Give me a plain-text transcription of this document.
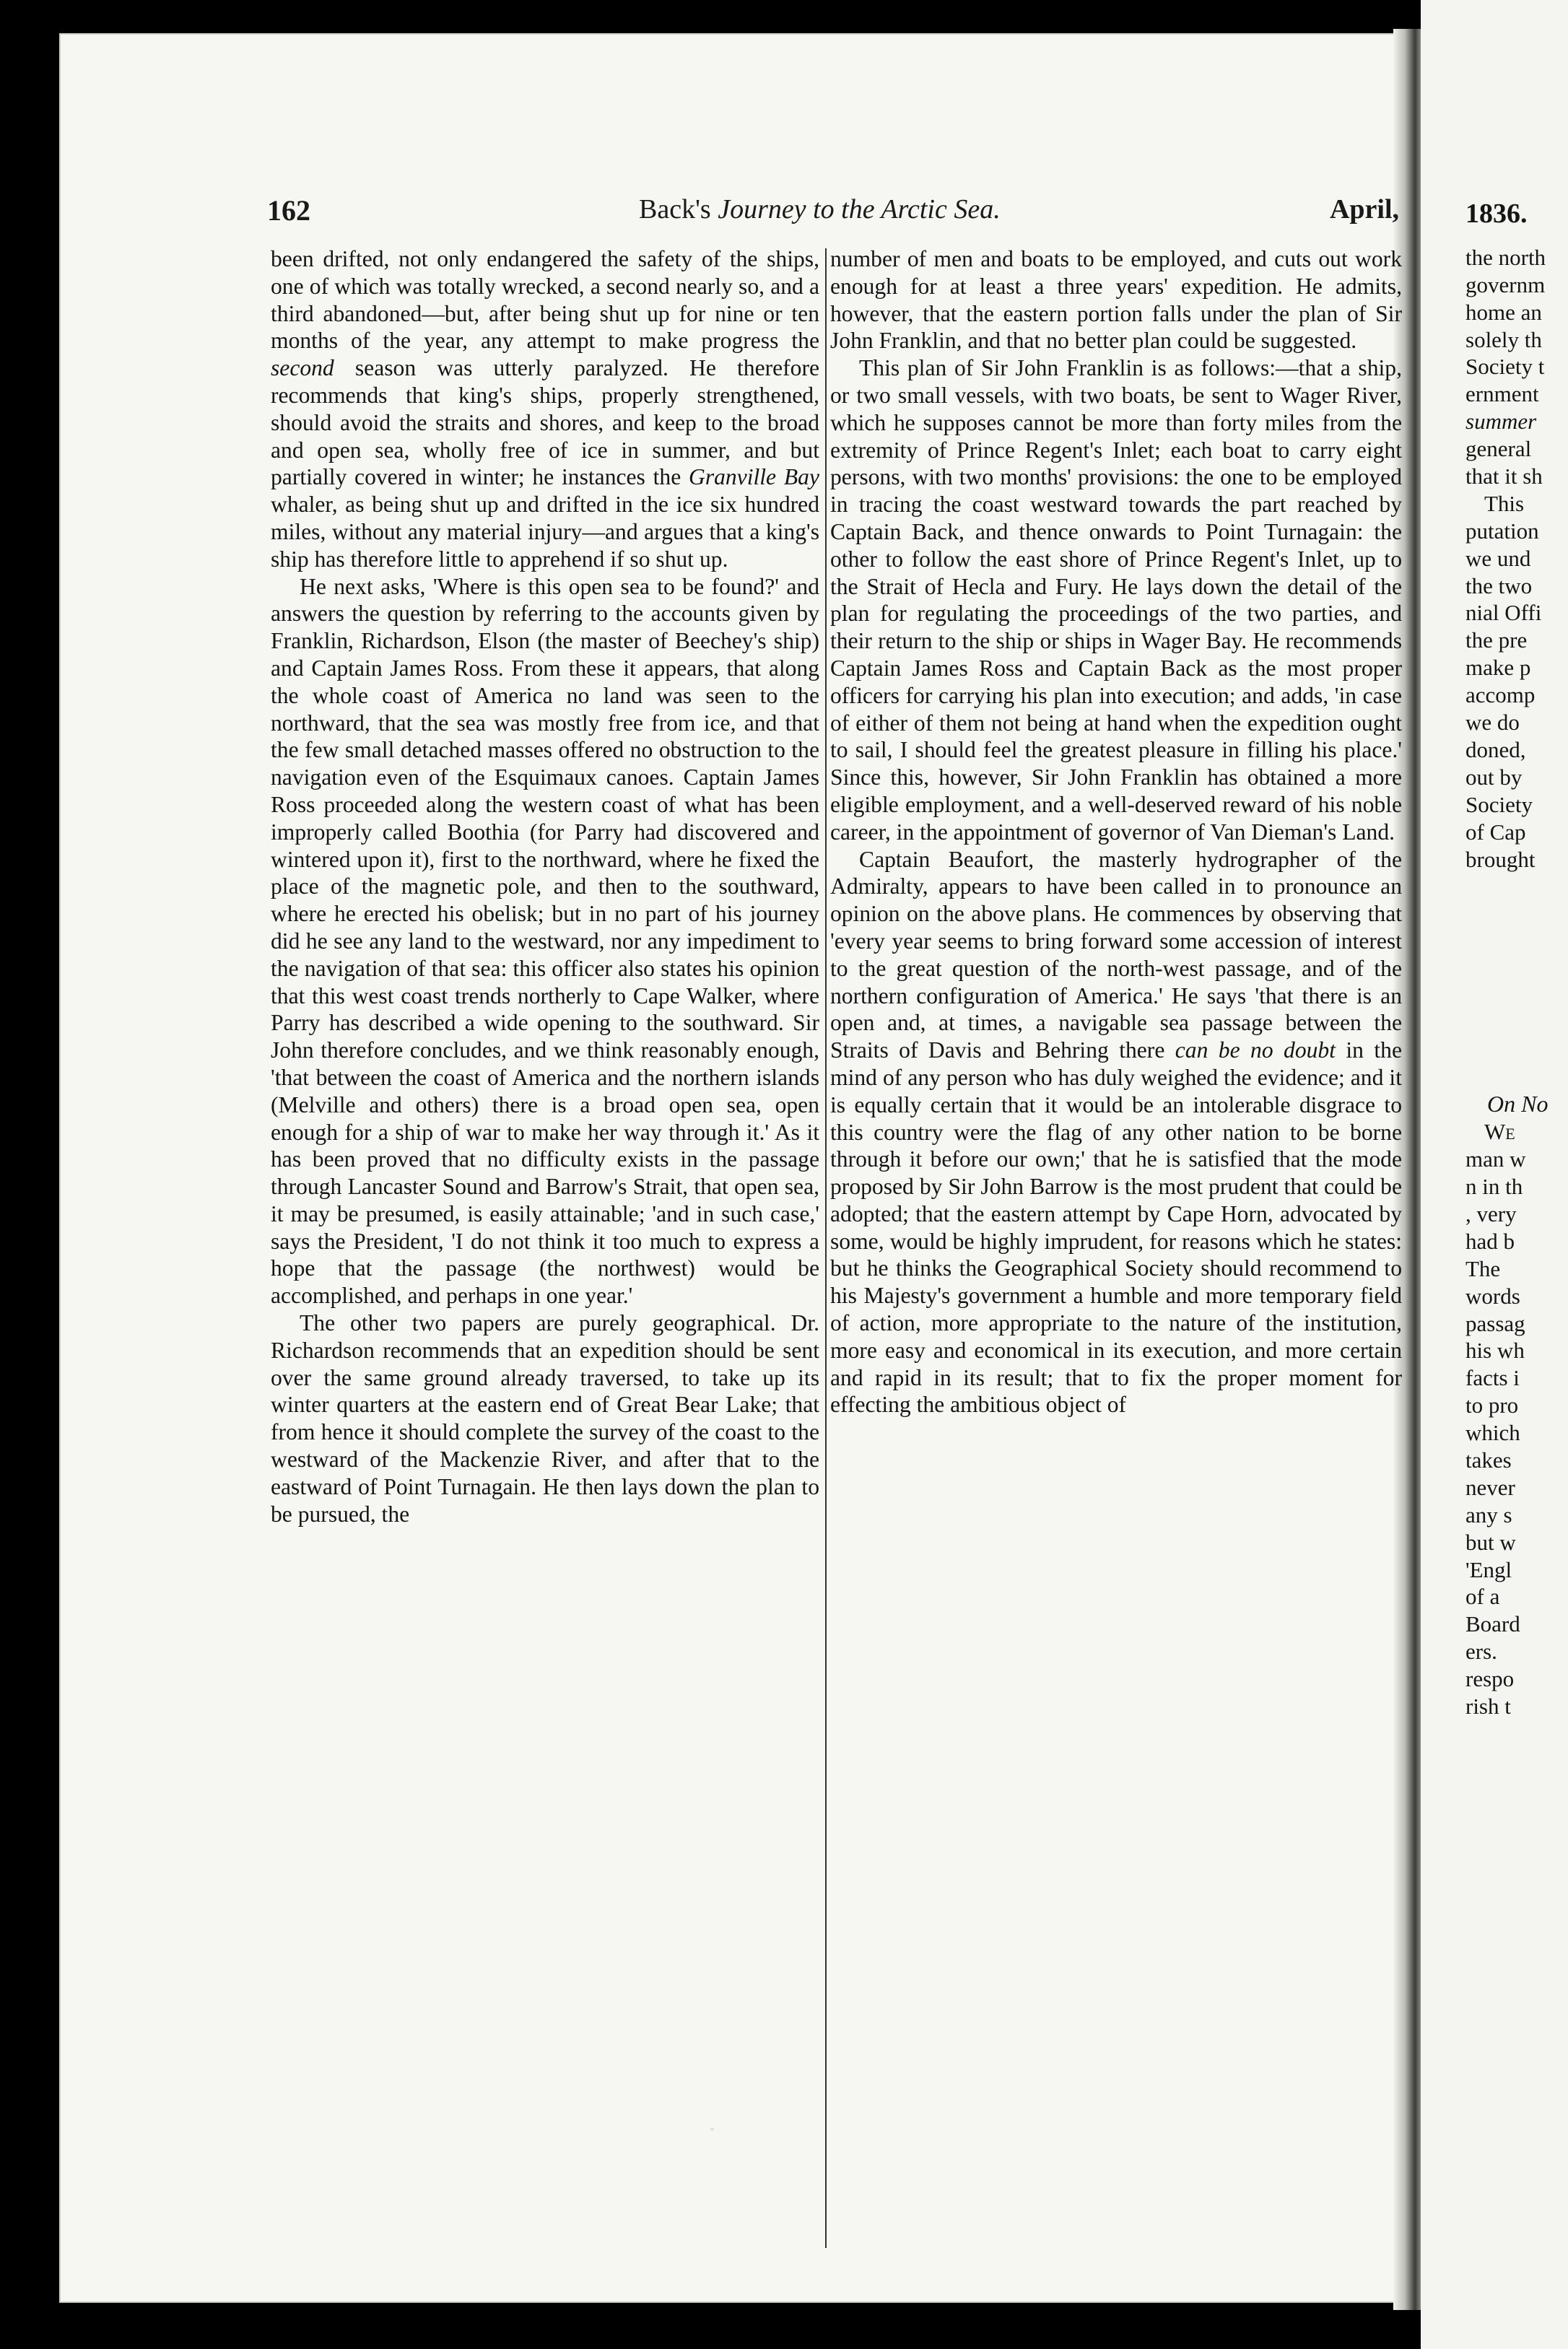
162	Back's Journey to the Arctic Sea.	April,

been drifted, not only endangered the safety of the ships, one of which was totally wrecked, a second nearly so, and a third abandoned—but, after being shut up for nine or ten months of the year, any attempt to make progress the second season was utterly paralyzed. He therefore recommends that king's ships, properly strengthened, should avoid the straits and shores, and keep to the broad and open sea, wholly free of ice in summer, and but partially covered in winter; he instances the Granville Bay whaler, as being shut up and drifted in the ice six hundred miles, without any material injury—and argues that a king's ship has therefore little to apprehend if so shut up.

He next asks, 'Where is this open sea to be found?' and answers the question by referring to the accounts given by Franklin, Richardson, Elson (the master of Beechey's ship) and Captain James Ross. From these it appears, that along the whole coast of America no land was seen to the northward, that the sea was mostly free from ice, and that the few small detached masses offered no obstruction to the navigation even of the Esquimaux canoes. Captain James Ross proceeded along the western coast of what has been improperly called Boothia (for Parry had discovered and wintered upon it), first to the northward, where he fixed the place of the magnetic pole, and then to the southward, where he erected his obelisk; but in no part of his journey did he see any land to the westward, nor any impediment to the navigation of that sea: this officer also states his opinion that this west coast trends northerly to Cape Walker, where Parry has described a wide opening to the southward. Sir John therefore concludes, and we think reasonably enough, 'that between the coast of America and the northern islands (Melville and others) there is a broad open sea, open enough for a ship of war to make her way through it.' As it has been proved that no difficulty exists in the passage through Lancaster Sound and Barrow's Strait, that open sea, it may be presumed, is easily attainable; 'and in such case,' says the President, 'I do not think it too much to express a hope that the passage (the northwest) would be accomplished, and perhaps in one year.'

The other two papers are purely geographical. Dr. Richardson recommends that an expedition should be sent over the same ground already traversed, to take up its winter quarters at the eastern end of Great Bear Lake; that from hence it should complete the survey of the coast to the westward of the Mackenzie River, and after that to the eastward of Point Turnagain. He then lays down the plan to be pursued, the

number of men and boats to be employed, and cuts out work enough for at least a three years' expedition. He admits, however, that the eastern portion falls under the plan of Sir John Franklin, and that no better plan could be suggested.

This plan of Sir John Franklin is as follows:—that a ship, or two small vessels, with two boats, be sent to Wager River, which he supposes cannot be more than forty miles from the extremity of Prince Regent's Inlet; each boat to carry eight persons, with two months' provisions: the one to be employed in tracing the coast westward towards the part reached by Captain Back, and thence onwards to Point Turnagain: the other to follow the east shore of Prince Regent's Inlet, up to the Strait of Hecla and Fury. He lays down the detail of the plan for regulating the proceedings of the two parties, and their return to the ship or ships in Wager Bay. He recommends Captain James Ross and Captain Back as the most proper officers for carrying his plan into execution; and adds, 'in case of either of them not being at hand when the expedition ought to sail, I should feel the greatest pleasure in filling his place.' Since this, however, Sir John Franklin has obtained a more eligible employment, and a well-deserved reward of his noble career, in the appointment of governor of Van Dieman's Land.

Captain Beaufort, the masterly hydrographer of the Admiralty, appears to have been called in to pronounce an opinion on the above plans. He commences by observing that 'every year seems to bring forward some accession of interest to the great question of the north-west passage, and of the northern configuration of America.' He says 'that there is an open and, at times, a navigable sea passage between the Straits of Davis and Behring there can be no doubt in the mind of any person who has duly weighed the evidence; and it is equally certain that it would be an intolerable disgrace to this country were the flag of any other nation to be borne through it before our own;' that he is satisfied that the mode proposed by Sir John Barrow is the most prudent that could be adopted; that the eastern attempt by Cape Horn, advocated by some, would be highly imprudent, for reasons which he states: but he thinks the Geographical Society should recommend to his Majesty's government a humble and more temporary field of action, more appropriate to the nature of the institution, more easy and economical in its execution, and more certain and rapid in its result; that to fix the proper moment for effecting the ambitious object of

1836.
the north
governm
home an
solely th
Society t
ernment
summer
general
that it sh
This
putation
we und
the two
nial Offi
the pre
make p
accomp
we do
doned,
out by
Society
of Cap
brought
On No
We
man w
n in th
, very
had b
The
words
passag
his wh
facts i
to pro
which
takes
never
any s
but w
'Engl
of a
Board
ers.
respo
rish t
